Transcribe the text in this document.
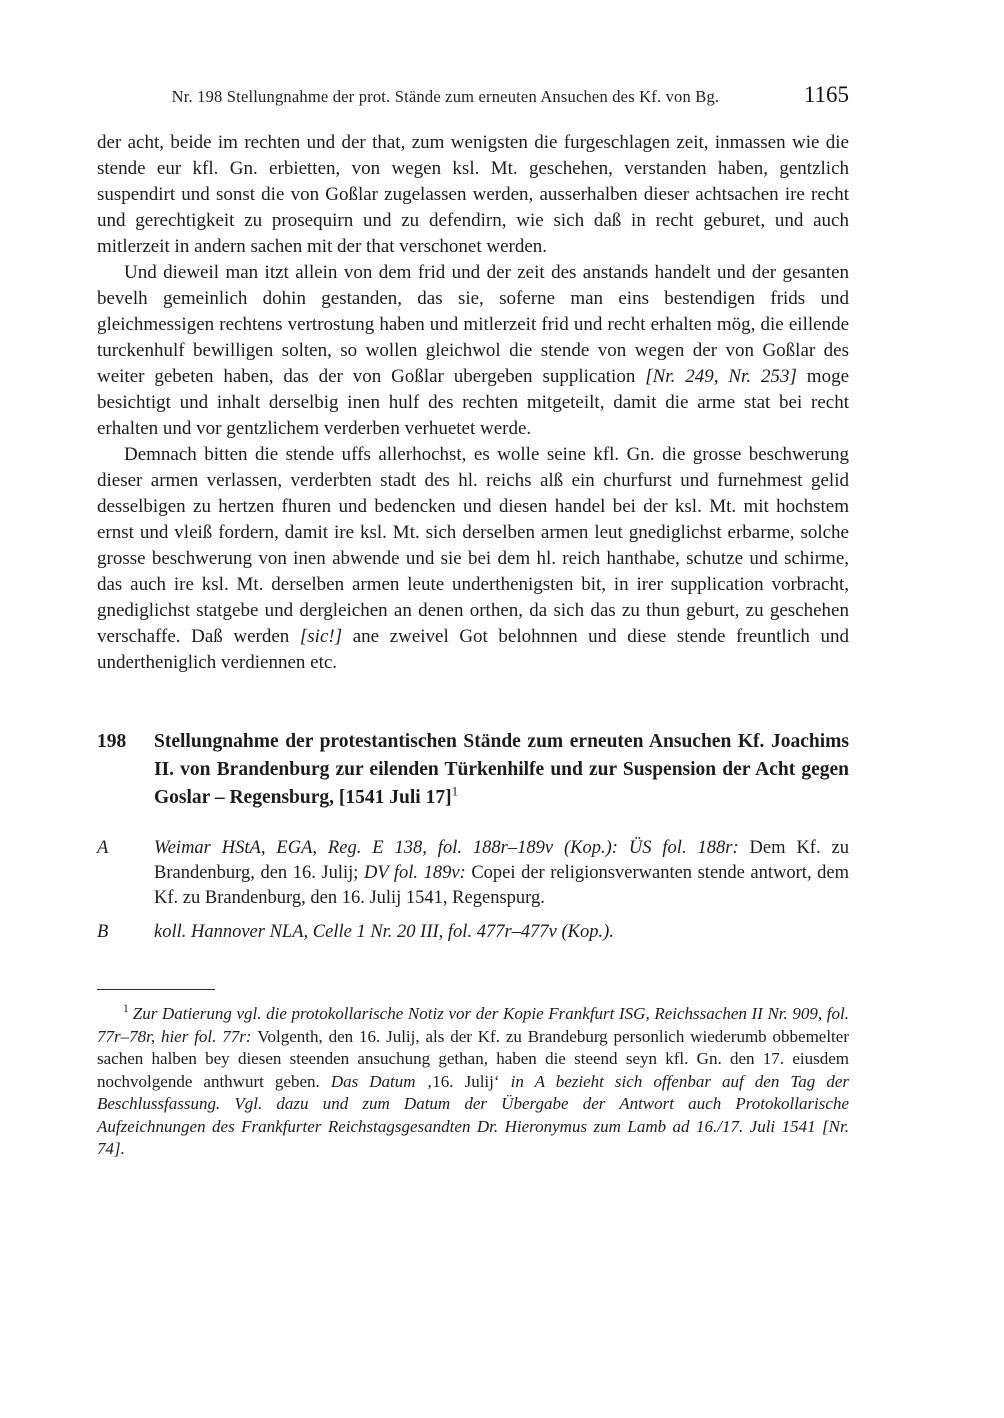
Nr. 198 Stellungnahme der prot. Stände zum erneuten Ansuchen des Kf. von Bg.	1165

der acht, beide im rechten und der that, zum wenigsten die furgeschlagen zeit, inmassen wie die stende eur kfl. Gn. erbietten, von wegen ksl. Mt. geschehen, verstanden haben, gentzlich suspendirt und sonst die von Goßlar zugelassen werden, ausserhalben dieser achtsachen ire recht und gerechtigkeit zu prosequirn und zu defendirn, wie sich daß in recht geburet, und auch mitlerzeit in andern sachen mit der that verschonet werden.

Und dieweil man itzt allein von dem frid und der zeit des anstands handelt und der gesanten bevelh gemeinlich dohin gestanden, das sie, soferne man eins bestendigen frids und gleichmessigen rechtens vertrostung haben und mitlerzeit frid und recht erhalten mög, die eillende turckenhulf bewilligen solten, so wollen gleichwol die stende von wegen der von Goßlar des weiter gebeten haben, das der von Goßlar ubergeben supplication [Nr. 249, Nr. 253] moge besichtigt und inhalt derselbig inen hulf des rechten mitgeteilt, damit die arme stat bei recht erhalten und vor gentzlichem verderben verhuetet werde.

Demnach bitten die stende uffs allerhochst, es wolle seine kfl. Gn. die grosse beschwerung dieser armen verlassen, verderbten stadt des hl. reichs alß ein churfurst und furnehmest gelid desselbigen zu hertzen fhuren und bedencken und diesen handel bei der ksl. Mt. mit hochstem ernst und vleiß fordern, damit ire ksl. Mt. sich derselben armen leut gnediglichst erbarme, solche grosse beschwerung von inen abwende und sie bei dem hl. reich hanthabe, schutze und schirme, das auch ire ksl. Mt. derselben armen leute underthenigsten bit, in irer supplication vorbracht, gnediglichst statgebe und dergleichen an denen orthen, da sich das zu thun geburt, zu geschehen verschaffe. Daß werden [sic!] ane zweivel Got belohnnen und diese stende freuntlich und undertheniglich verdiennen etc.

198	Stellungnahme der protestantischen Stände zum erneuten Ansuchen Kf. Joachims II. von Brandenburg zur eilenden Türkenhilfe und zur Suspension der Acht gegen Goslar – Regensburg, [1541 Juli 17]$^1$
A	Weimar HStA, EGA, Reg. E 138, fol. 188r–189v (Kop.): ÜS fol. 188r: Dem Kf. zu Brandenburg, den 16. Julij; DV fol. 189v: Copei der religionsverwanten stende antwort, dem Kf. zu Brandenburg, den 16. Julij 1541, Regenspurg.
B	koll. Hannover NLA, Celle 1 Nr. 20 III, fol. 477r–477v (Kop.).

$^1$ Zur Datierung vgl. die protokollarische Notiz vor der Kopie Frankfurt ISG, Reichssachen II Nr. 909, fol. 77r–78r, hier fol. 77r: Volgenth, den 16. Julij, als der Kf. zu Brandeburg personlich wiederumb obbemelter sachen halben bey diesen steenden ansuchung gethan, haben die steend seyn kfl. Gn. den 17. eiusdem nochvolgende anthwurt geben. Das Datum ‚16. Julij‘ in A bezieht sich offenbar auf den Tag der Beschlussfassung. Vgl. dazu und zum Datum der Übergabe der Antwort auch Protokollarische Aufzeichnungen des Frankfurter Reichstagsgesandten Dr. Hieronymus zum Lamb ad 16./17. Juli 1541 [Nr. 74].
